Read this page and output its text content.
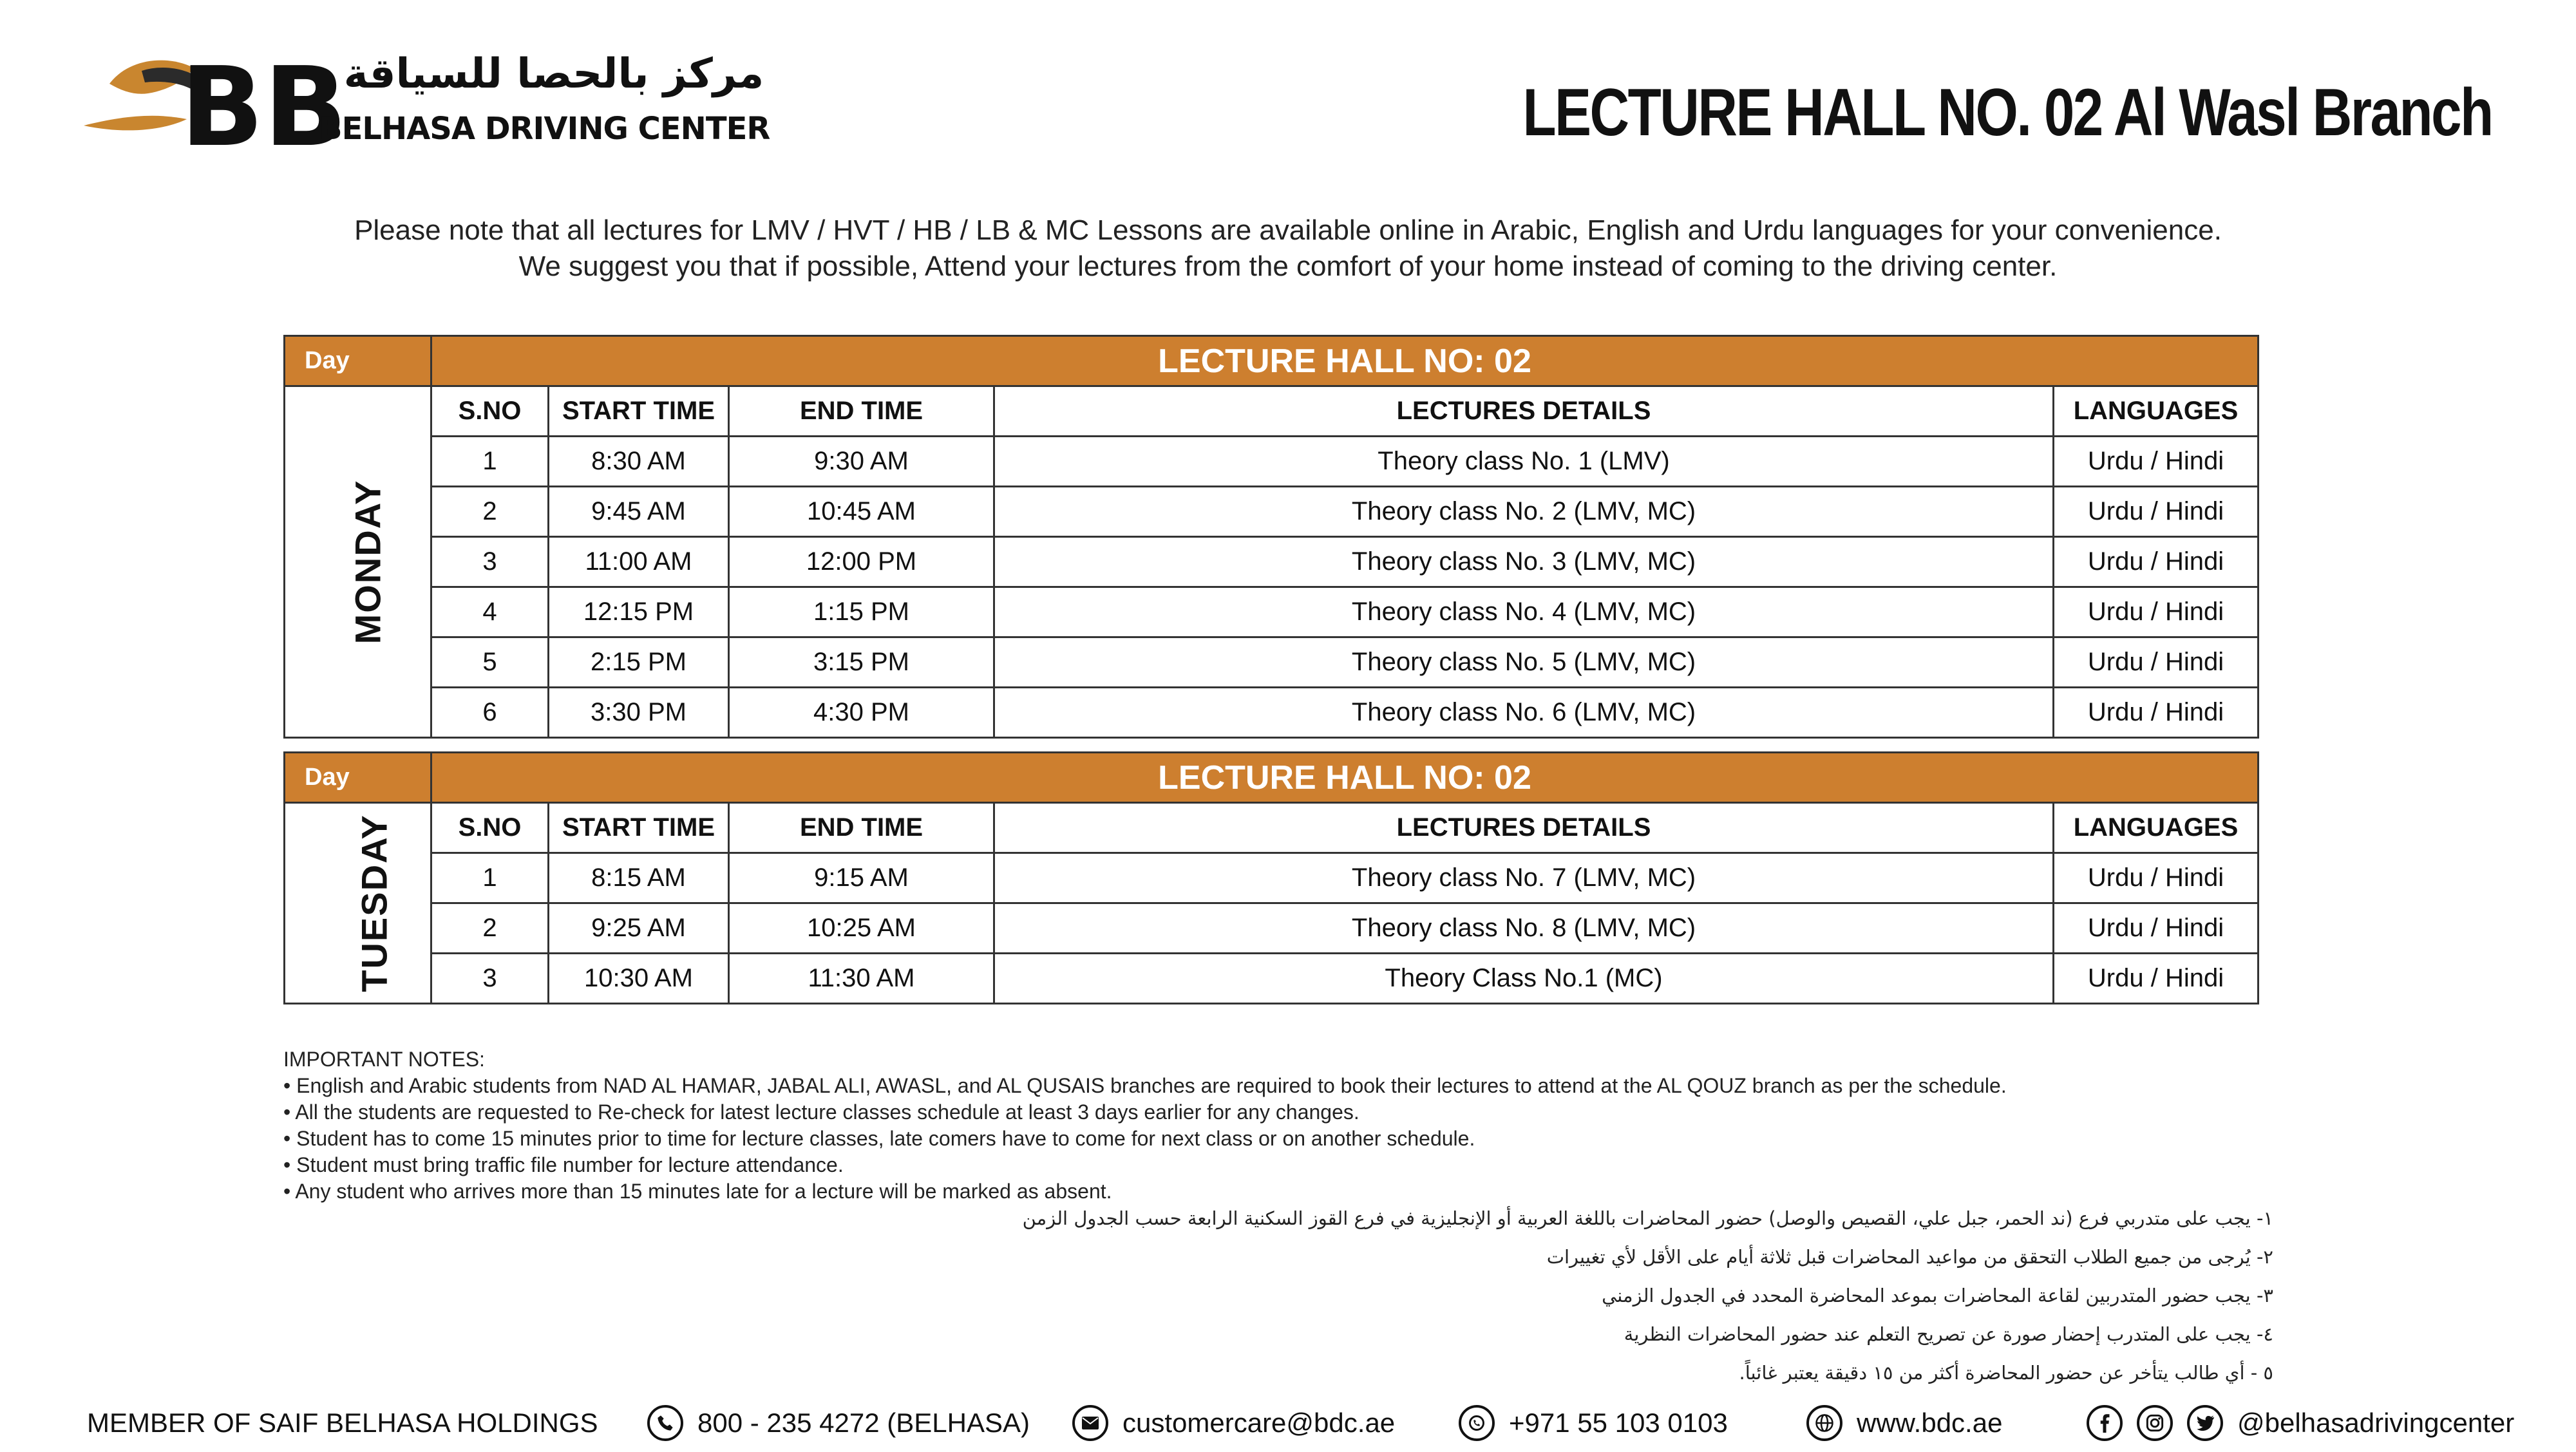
BB
مركز بالحصا للسياقة
BELHASA DRIVING CENTER	LECTURE HALL NO. 02 Al Wasl Branch
Please note that all lectures for LMV / HVT / HB / LB & MC Lessons are available online in Arabic, English and Urdu languages for your convenience.
We suggest you that if possible, Attend your lectures from the comfort of your home instead of coming to the driving center.
Day	LECTURE HALL NO: 02				
MONDAY	S.NO	START TIME	END TIME	LECTURES DETAILS	LANGUAGES
	1	8:30 AM	9:30 AM	Theory class No. 1 (LMV)	Urdu / Hindi
	2	9:45 AM	10:45 AM	Theory class No. 2 (LMV, MC)	Urdu / Hindi
	3	11:00 AM	12:00 PM	Theory class No. 3 (LMV, MC)	Urdu / Hindi
	4	12:15 PM	1:15 PM	Theory class No. 4 (LMV, MC)	Urdu / Hindi
	5	2:15 PM	3:15 PM	Theory class No. 5 (LMV, MC)	Urdu / Hindi
	6	3:30 PM	4:30 PM	Theory class No. 6 (LMV, MC)	Urdu / Hindi
Day	LECTURE HALL NO: 02				
TUESDAY	S.NO	START TIME	END TIME	LECTURES DETAILS	LANGUAGES
	1	8:15 AM	9:15 AM	Theory class No. 7 (LMV, MC)	Urdu / Hindi
	2	9:25 AM	10:25 AM	Theory class No. 8 (LMV, MC)	Urdu / Hindi
	3	10:30 AM	11:30 AM	Theory Class No.1 (MC)	Urdu / Hindi
IMPORTANT NOTES:
• English and Arabic students from NAD AL HAMAR, JABAL ALI, AWASL, and AL QUSAIS branches are required to book their lectures to attend at the AL QOUZ branch as per the schedule.
• All the students are requested to Re-check for latest lecture classes schedule at least 3 days earlier for any changes.
• Student has to come 15 minutes prior to time for lecture classes, late comers have to come for next class or on another schedule.
• Student must bring traffic file number for lecture attendance.
• Any student who arrives more than 15 minutes late for a lecture will be marked as absent.
١- يجب على متدربي فرع (ند الحمر، جبل علي، القصيص والوصل) حضور المحاضرات باللغة العربية أو الإنجليزية في فرع القوز السكنية الرابعة حسب الجدول الزمن
٢- يُرجى من جميع الطلاب التحقق من مواعيد المحاضرات قبل ثلاثة أيام على الأقل لأي تغييرات
٣- يجب حضور المتدربين لقاعة المحاضرات بموعد المحاضرة المحدد في الجدول الزمني
٤- يجب على المتدرب إحضار صورة عن تصريح التعلم عند حضور المحاضرات النظرية
٥ - أي طالب يتأخر عن حضور المحاضرة أكثر من ١٥ دقيقة يعتبر غائباً.
MEMBER OF SAIF BELHASA HOLDINGS	800 - 235 4272 (BELHASA)	customercare@bdc.ae	+971 55 103 0103	www.bdc.ae	@belhasadrivingcenter
